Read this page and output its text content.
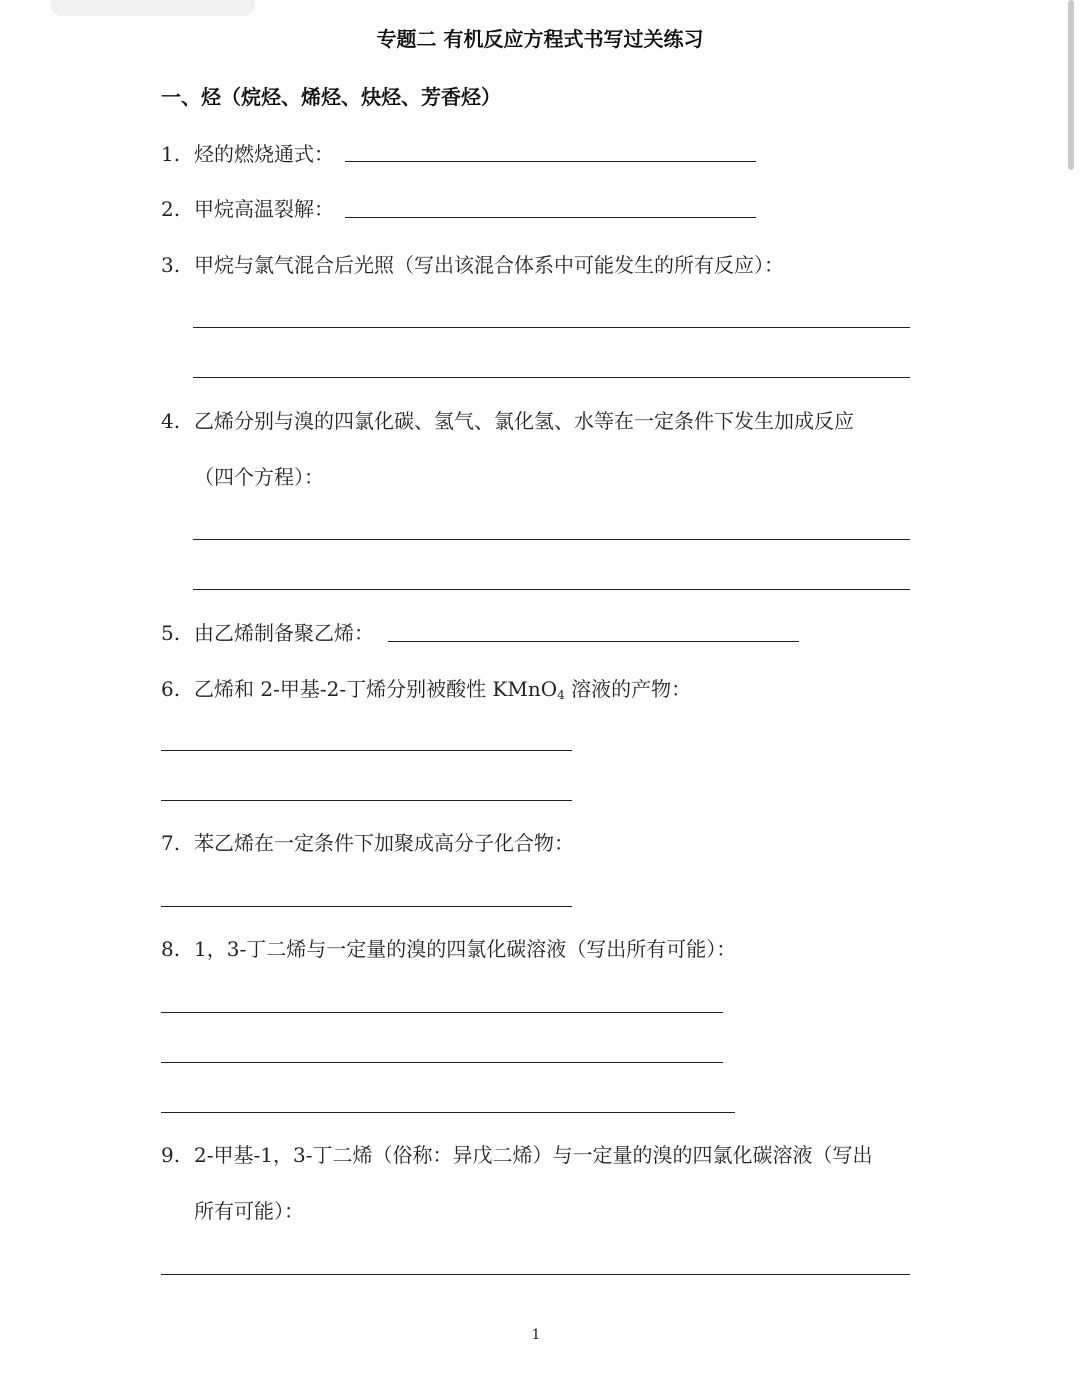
专题二 有机反应方程式书写过关练习
一、烃（烷烃、烯烃、炔烃、芳香烃）
1. 烃的燃烧通式：
2. 甲烷高温裂解：
3. 甲烷与氯气混合后光照（写出该混合体系中可能发生的所有反应）：
4. 乙烯分别与溴的四氯化碳、氢气、氯化氢、水等在一定条件下发生加成反应
（四个方程）：
5. 由乙烯制备聚乙烯：
6. 乙烯和 2-甲基-2-丁烯分别被酸性 KMnO$_4$ 溶液的产物：
7. 苯乙烯在一定条件下加聚成高分子化合物：
8. 1，3-丁二烯与一定量的溴的四氯化碳溶液（写出所有可能）：
9. 2-甲基-1，3-丁二烯（俗称：异戊二烯）与一定量的溴的四氯化碳溶液（写出
所有可能）：
1
